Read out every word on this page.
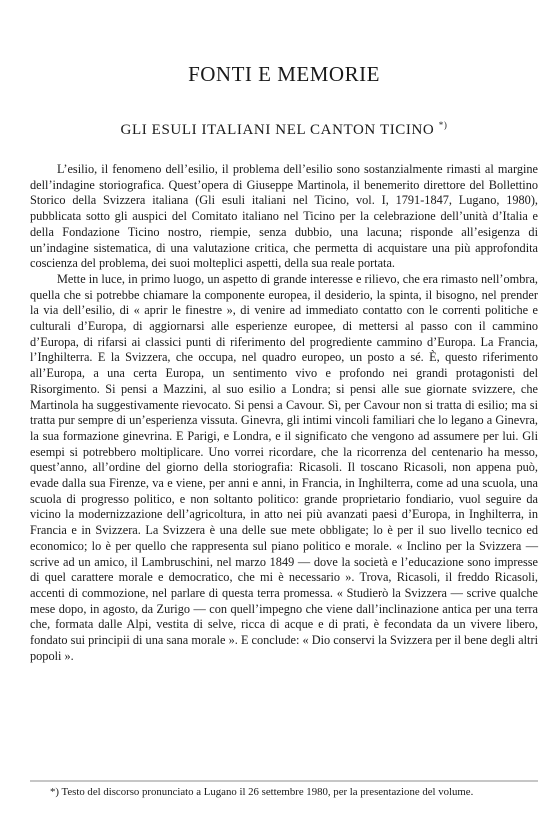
FONTI E MEMORIE
GLI ESULI ITALIANI NEL CANTON TICINO *)

L’esilio, il fenomeno dell’esilio, il problema dell’esilio sono sostanzialmente rimasti al margine dell’indagine storiografica. Quest’opera di Giuseppe Martinola, il benemerito direttore del Bollettino Storico della Svizzera italiana (Gli esuli italiani nel Ticino, vol. I, 1791-1847, Lugano, 1980), pubblicata sotto gli auspici del Comitato italiano nel Ticino per la celebrazione dell’unità d’Italia e della Fondazione Ticino nostro, riempie, senza dubbio, una lacuna; risponde all’esigenza di un’indagine sistematica, di una valutazione critica, che permetta di acquistare una più approfondita coscienza del problema, dei suoi molteplici aspetti, della sua reale portata.

Mette in luce, in primo luogo, un aspetto di grande interesse e rilievo, che era rimasto nell’ombra, quella che si potrebbe chiamare la componente europea, il desiderio, la spinta, il bisogno, nel prender la via dell’esilio, di « aprir le finestre », di venire ad immediato contatto con le correnti politiche e culturali d’Europa, di aggiornarsi alle esperienze europee, di mettersi al passo con il cammino d’Europa, di rifarsi ai classici punti di riferimento del progrediente cammino d’Europa. La Francia, l’Inghilterra. E la Svizzera, che occupa, nel quadro europeo, un posto a sé. È, questo riferimento all’Europa, a una certa Europa, un sentimento vivo e profondo nei grandi protagonisti del Risorgimento. Si pensi a Mazzini, al suo esilio a Londra; si pensi alle sue giornate svizzere, che Martinola ha suggestivamente rievocato. Si pensi a Cavour. Sì, per Cavour non si tratta di esilio; ma si tratta pur sempre di un’esperienza vissuta. Ginevra, gli intimi vincoli familiari che lo legano a Ginevra, la sua formazione ginevrina. E Parigi, e Londra, e il significato che vengono ad assumere per lui. Gli esempi si potrebbero moltiplicare. Uno vorrei ricordare, che la ricorrenza del centenario ha messo, quest’anno, all’ordine del giorno della storiografia: Ricasoli. Il toscano Ricasoli, non appena può, evade dalla sua Firenze, va e viene, per anni e anni, in Francia, in Inghilterra, come ad una scuola, una scuola di progresso politico, e non soltanto politico: grande proprietario fondiario, vuol seguire da vicino la modernizzazione dell’agricoltura, in atto nei più avanzati paesi d’Europa, in Inghilterra, in Francia e in Svizzera. La Svizzera è una delle sue mete obbligate; lo è per il suo livello tecnico ed economico; lo è per quello che rappresenta sul piano politico e morale. « Inclino per la Svizzera — scrive ad un amico, il Lambruschini, nel marzo 1849 — dove la società e l’educazione sono impresse di quel carattere morale e democratico, che mi è necessario ». Trova, Ricasoli, il freddo Ricasoli, accenti di commozione, nel parlare di questa terra promessa. « Studierò la Svizzera — scrive qualche mese dopo, in agosto, da Zurigo — con quell’impegno che viene dall’inclinazione antica per una terra che, formata dalle Alpi, vestita di selve, ricca di acque e di prati, è fecondata da un vivere libero, fondato sui principii di una sana morale ». E conclude: « Dio conservi la Svizzera per il bene degli altri popoli ».

*) Testo del discorso pronunciato a Lugano il 26 settembre 1980, per la presentazione del volume.
